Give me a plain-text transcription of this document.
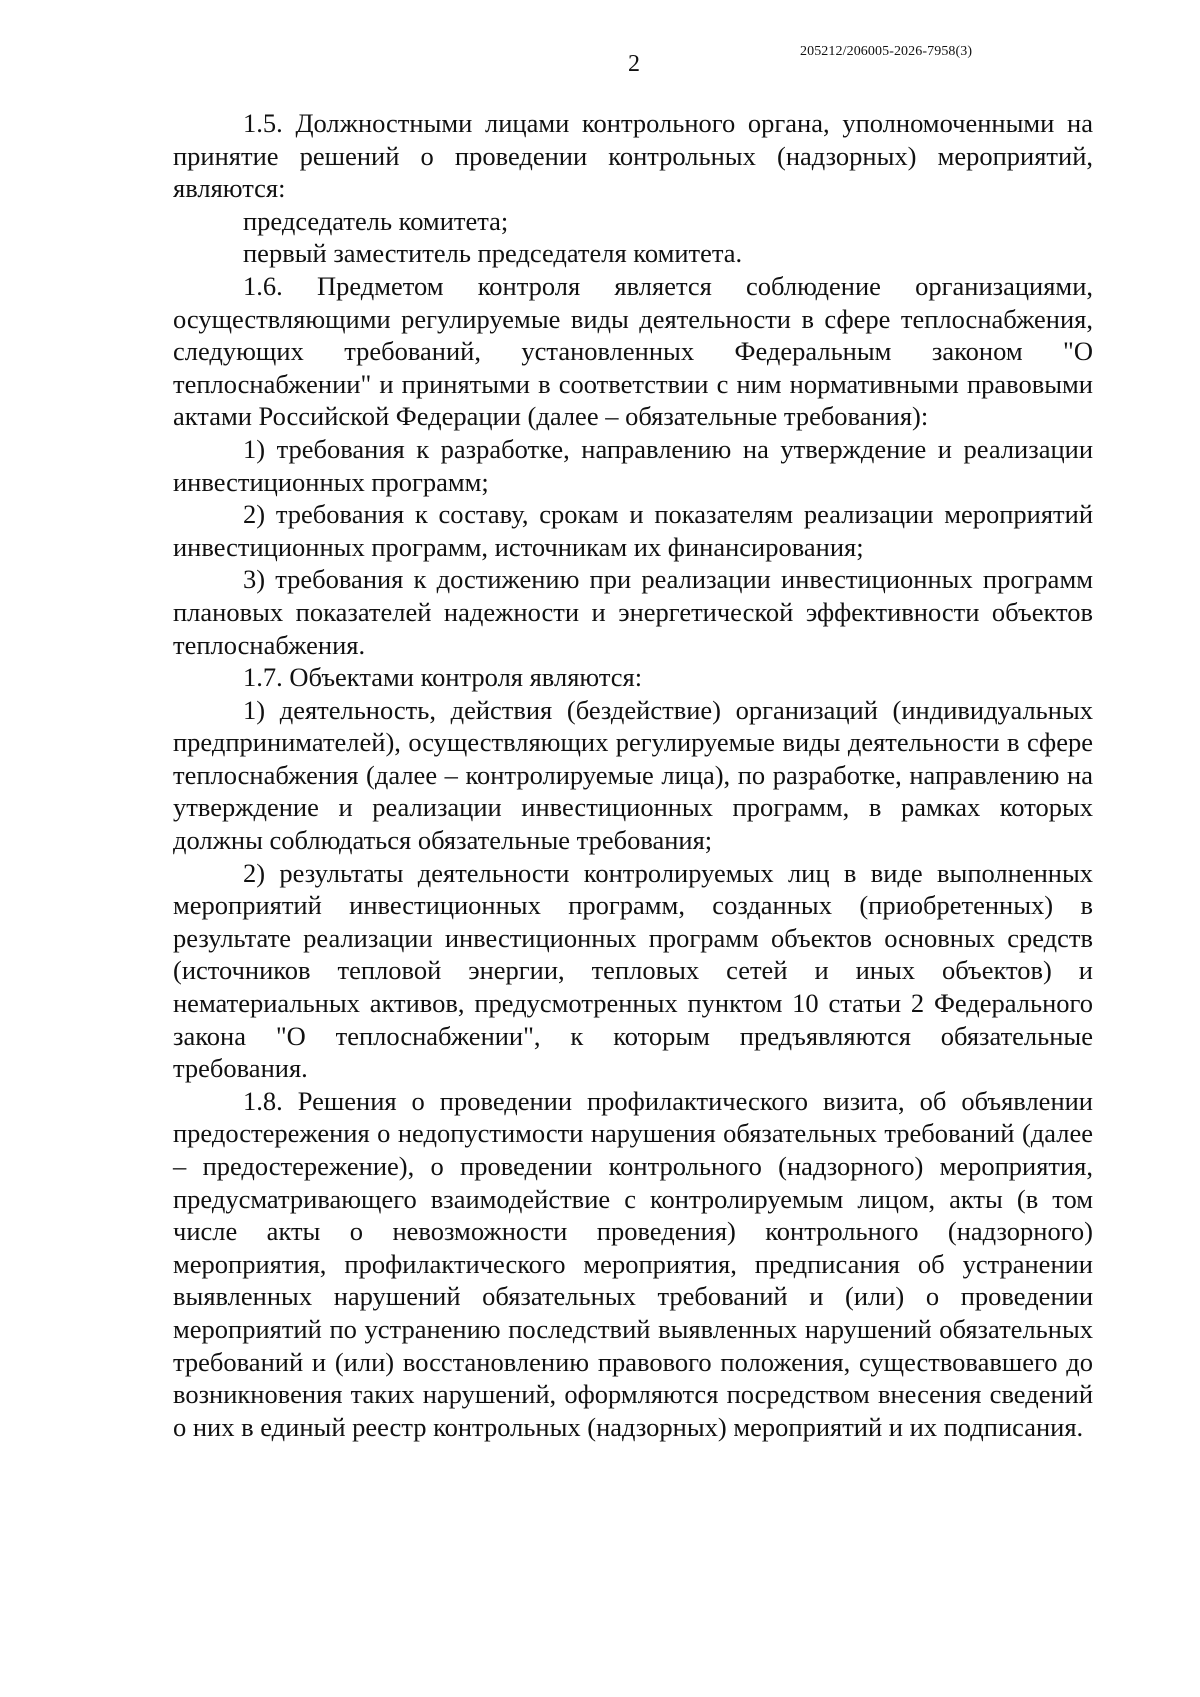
2	205212/206005-2026-7958(3)

1.5. Должностными лицами контрольного органа, уполномоченными на принятие решений о проведении контрольных (надзорных) мероприятий, являются:

председатель комитета;

первый заместитель председателя комитета.

1.6. Предметом контроля является соблюдение организациями, осуществляющими регулируемые виды деятельности в сфере теплоснабжения, следующих требований, установленных Федеральным законом "О теплоснабжении" и принятыми в соответствии с ним нормативными правовыми актами Российской Федерации (далее – обязательные требования):

1) требования к разработке, направлению на утверждение и реализации инвестиционных программ;

2) требования к составу, срокам и показателям реализации мероприятий инвестиционных программ, источникам их финансирования;

3) требования к достижению при реализации инвестиционных программ плановых показателей надежности и энергетической эффективности объектов теплоснабжения.

1.7. Объектами контроля являются:

1) деятельность, действия (бездействие) организаций (индивидуальных предпринимателей), осуществляющих регулируемые виды деятельности в сфере теплоснабжения (далее – контролируемые лица), по разработке, направлению на утверждение и реализации инвестиционных программ, в рамках которых должны соблюдаться обязательные требования;

2) результаты деятельности контролируемых лиц в виде выполненных мероприятий инвестиционных программ, созданных (приобретенных) в результате реализации инвестиционных программ объектов основных средств (источников тепловой энергии, тепловых сетей и иных объектов) и нематериальных активов, предусмотренных пунктом 10 статьи 2 Федерального закона "О теплоснабжении", к которым предъявляются обязательные требования.

1.8. Решения о проведении профилактического визита, об объявлении предостережения о недопустимости нарушения обязательных требований (далее – предостережение), о проведении контрольного (надзорного) мероприятия, предусматривающего взаимодействие с контролируемым лицом, акты (в том числе акты о невозможности проведения) контрольного (надзорного) мероприятия, профилактического мероприятия, предписания об устранении выявленных нарушений обязательных требований и (или) о проведении мероприятий по устранению последствий выявленных нарушений обязательных требований и (или) восстановлению правового положения, существовавшего до возникновения таких нарушений, оформляются посредством внесения сведений о них в единый реестр контрольных (надзорных) мероприятий и их подписания.
